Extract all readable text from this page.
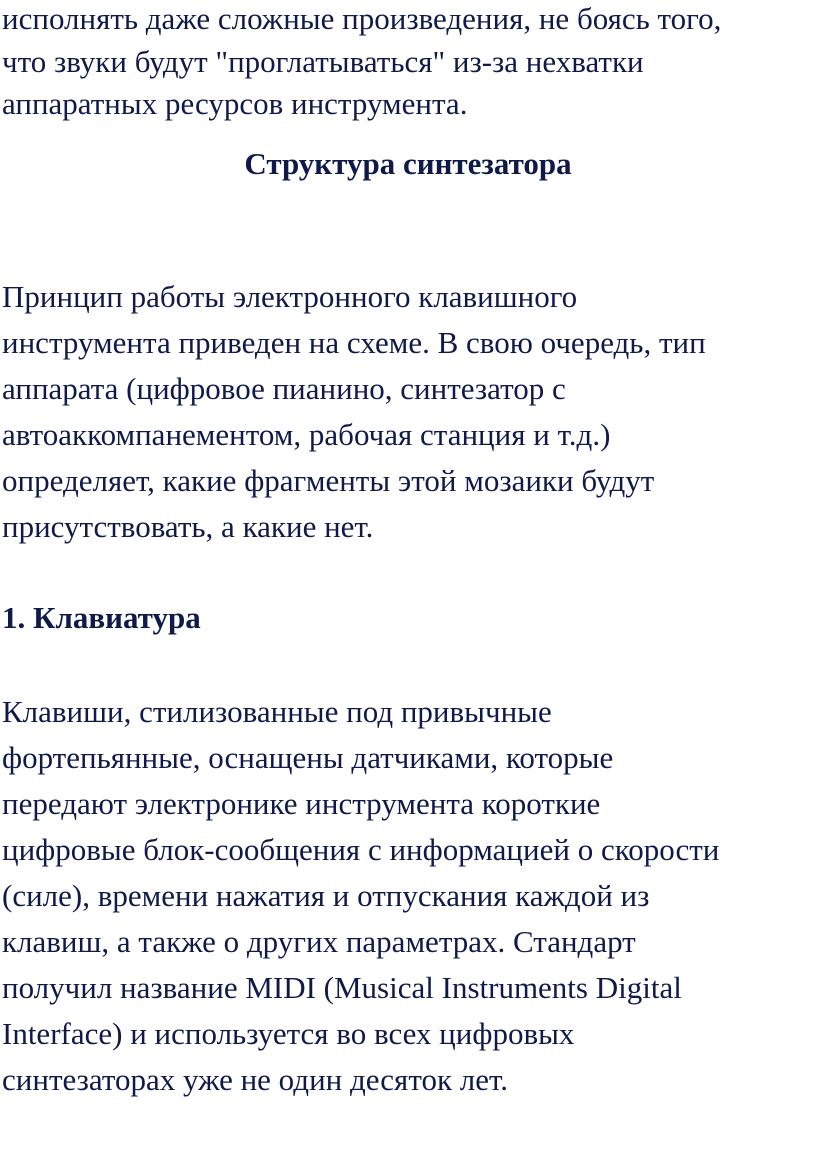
исполнять даже сложные произведения, не боясь того,
что звуки будут "проглатываться" из-за нехватки
аппаратных ресурсов инструмента.
Структура синтезатора
Принцип работы электронного клавишного
инструмента приведен на схеме. В свою очередь, тип
аппарата (цифровое пианино, синтезатор с
автоаккомпанементом, рабочая станция и т.д.)
определяет, какие фрагменты этой мозаики будут
присутствовать, а какие нет.
1. Клавиатура
Клавиши, стилизованные под привычные
фортепьянные, оснащены датчиками, которые
передают электронике инструмента короткие
цифровые блок-сообщения с информацией о скорости
(силе), времени нажатия и отпускания каждой из
клавиш, а также о других параметрах. Стандарт
получил название MIDI (Musical Instruments Digital
Interface) и используется во всех цифровых
синтезаторах уже не один десяток лет.
